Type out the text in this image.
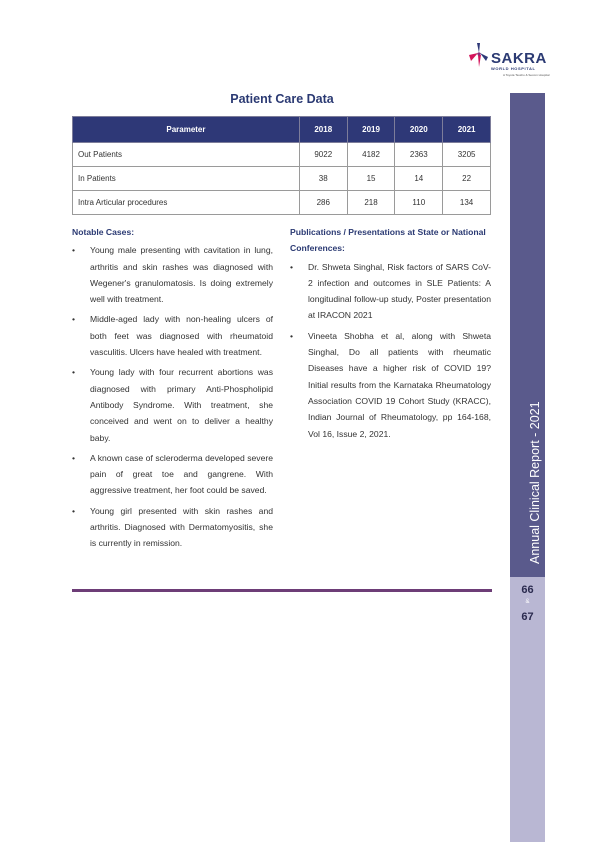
SAKRA
WORLD HOSPITAL
A Toyota Tsusho & Secom Hospital
Annual Clinical Report - 2021
66
&
67
Patient Care Data
Parameter	2018	2019	2020	2021
Out Patients	9022	4182	2363	3205
In Patients	38	15	14	22
Intra Articular procedures	286	218	110	134
Notable Cases:
• Young male presenting with cavitation in lung, arthritis and skin rashes was diagnosed with Wegener's granulomatosis. Is doing extremely well with treatment.
• Middle-aged lady with non-healing ulcers of both feet was diagnosed with rheumatoid vasculitis. Ulcers have healed with treatment.
• Young lady with four recurrent abortions was diagnosed with primary Anti-Phospholipid Antibody Syndrome. With treatment, she conceived and went on to deliver a healthy baby.
• A known case of scleroderma developed severe pain of great toe and gangrene. With aggressive treatment, her foot could be saved.
• Young girl presented with skin rashes and arthritis. Diagnosed with Dermatomyositis, she is currently in remission.
Publications / Presentations at State or National Conferences:
• Dr. Shweta Singhal, Risk factors of SARS CoV-2 infection and outcomes in SLE Patients: A longitudinal follow-up study, Poster presentation at IRACON 2021
• Vineeta Shobha et al, along with Shweta Singhal, Do all patients with rheumatic Diseases have a higher risk of COVID 19? Initial results from the Karnataka Rheumatology Association COVID 19 Cohort Study (KRACC), Indian Journal of Rheumatology, pp 164-168, Vol 16, Issue 2, 2021.
